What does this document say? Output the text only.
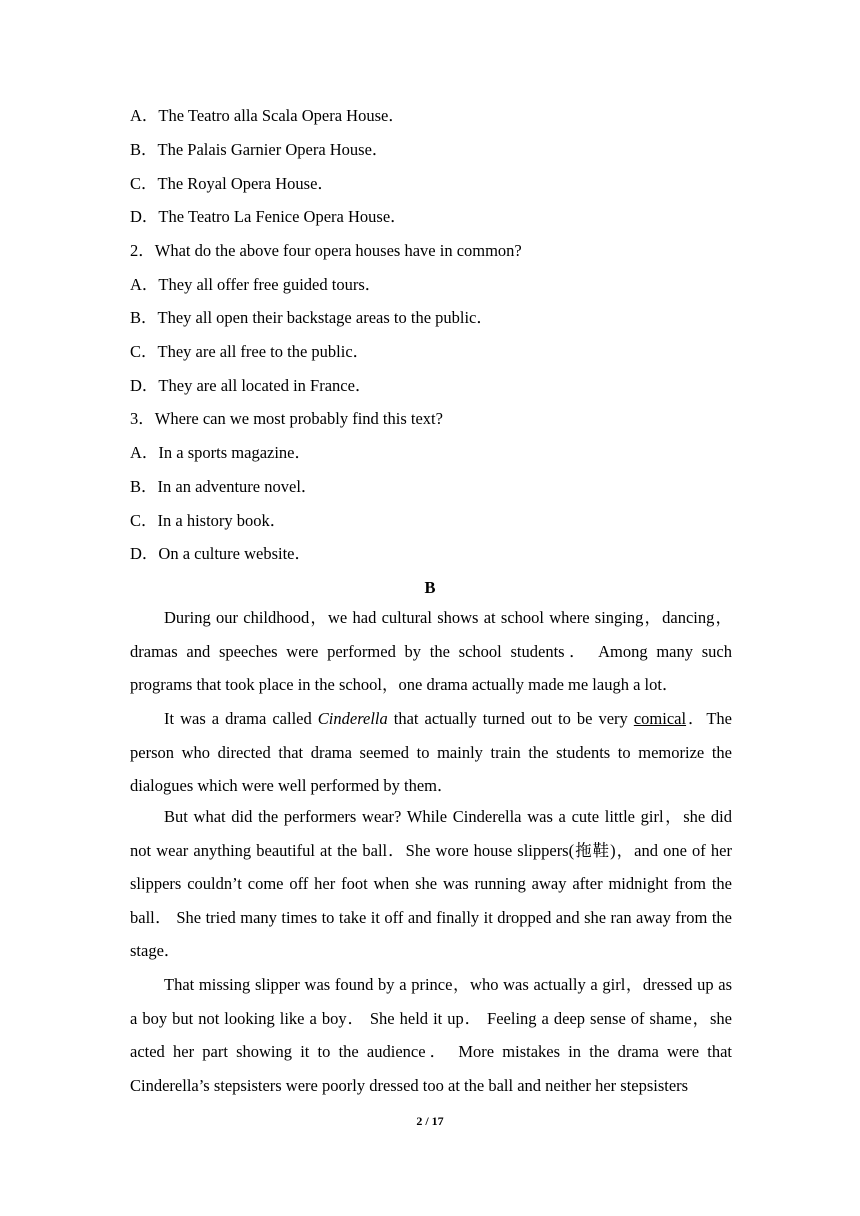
A．The Teatro alla Scala Opera House．
B．The Palais Garnier Opera House．
C．The Royal Opera House．
D．The Teatro La Fenice Opera House．
2．What do the above four opera houses have in common?
A．They all offer free guided tours．
B．They all open their backstage areas to the public．
C．They are all free to the public．
D．They are all located in France．
3．Where can we most probably find this text?
A．In a sports magazine．
B．In an adventure novel．
C．In a history book．
D．On a culture website．
B
During our childhood，we had cultural shows at school where singing，dancing，dramas and speeches were performed by the school students． Among many such programs that took place in the school，one drama actually made me laugh a lot．
It was a drama called Cinderella that actually turned out to be very comical．The person who directed that drama seemed to mainly train the students to memorize the dialogues which were well performed by them．
But what did the performers wear? While Cinderella was a cute little girl，she did not wear anything beautiful at the ball．She wore house slippers(拖鞋)，and one of her slippers couldn’t come off her foot when she was running away after midnight from the ball． She tried many times to take it off and finally it dropped and she ran away from the stage．
That missing slipper was found by a prince，who was actually a girl，dressed up as a boy but not looking like a boy． She held it up． Feeling a deep sense of shame，she acted her part showing it to the audience． More mistakes in the drama were that Cinderella’s stepsisters were poorly dressed too at the ball and neither her stepsisters
2 / 17
